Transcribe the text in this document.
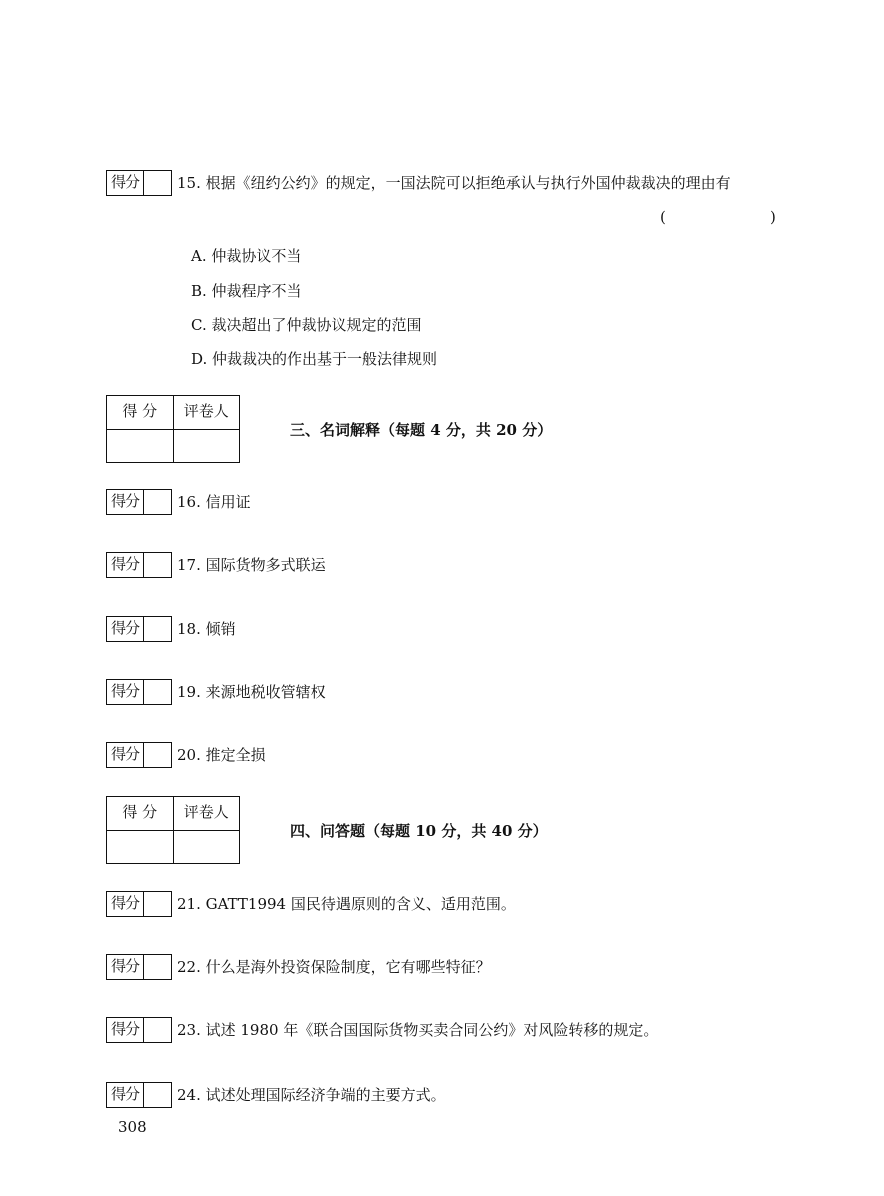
得分	15. 根据《纽约公约》的规定，一国法院可以拒绝承认与执行外国仲裁裁决的理由有
(	)
A. 仲裁协议不当
B. 仲裁程序不当
C. 裁决超出了仲裁协议规定的范围
D. 仲裁裁决的作出基于一般法律规则
得 分	评卷人
三、名词解释（每题 4 分，共 20 分）
得分	16. 信用证
得分	17. 国际货物多式联运
得分	18. 倾销
得分	19. 来源地税收管辖权
得分	20. 推定全损
得 分	评卷人
四、问答题（每题 10 分，共 40 分）
得分	21. GATT1994 国民待遇原则的含义、适用范围。
得分	22. 什么是海外投资保险制度，它有哪些特征？
得分	23. 试述 1980 年《联合国国际货物买卖合同公约》对风险转移的规定。
得分	24. 试述处理国际经济争端的主要方式。
308
